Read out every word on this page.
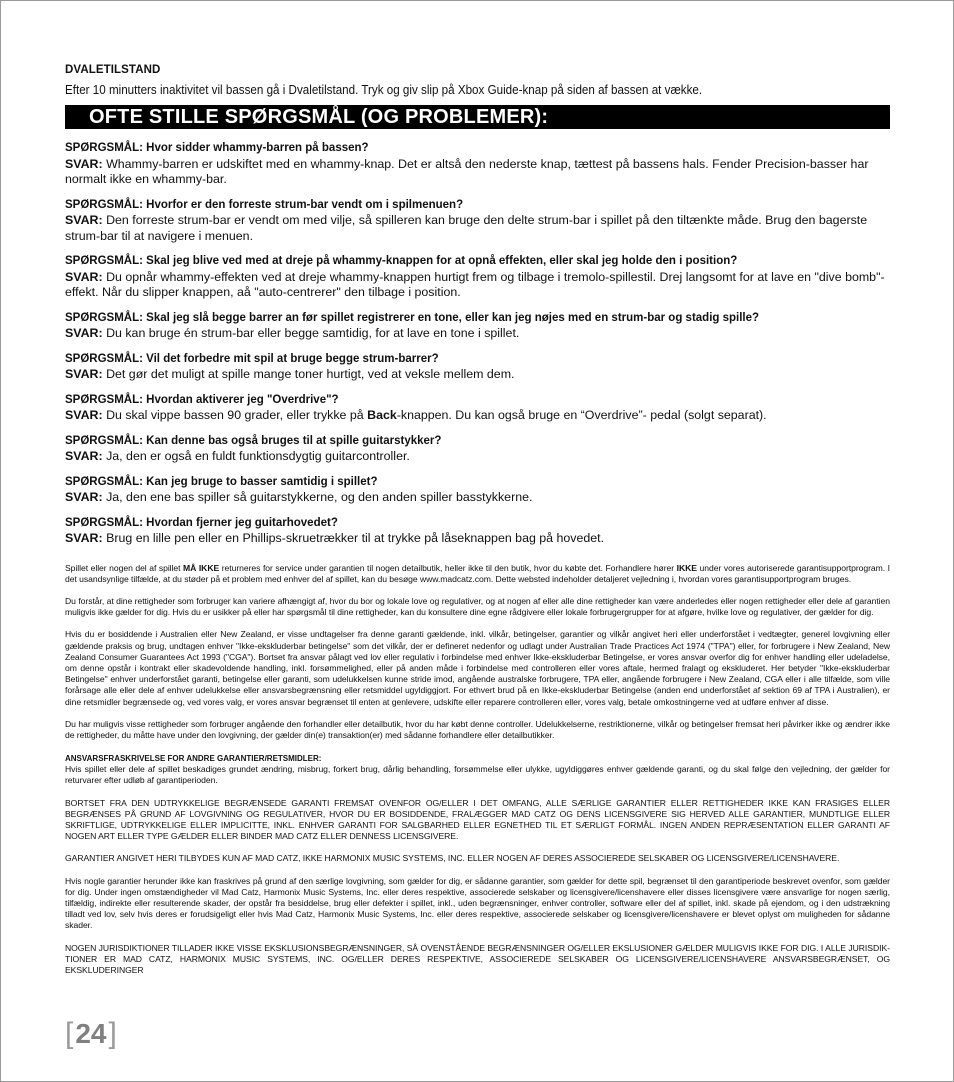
DVALETILSTAND
Efter 10 minutters inaktivitet vil bassen gå i Dvaletilstand. Tryk og giv slip på Xbox Guide-knap på siden af bassen at vække.
OFTE STILLE SPØRGSMÅL (OG PROBLEMER):
SPØRGSMÅL: Hvor sidder whammy-barren på bassen?
SVAR: Whammy-barren er udskiftet med en whammy-knap. Det er altså den nederste knap, tættest på bassens hals. Fender Precision-basser har normalt ikke en whammy-bar.
SPØRGSMÅL: Hvorfor er den forreste strum-bar vendt om i spilmenuen?
SVAR: Den forreste strum-bar er vendt om med vilje, så spilleren kan bruge den delte strum-bar i spillet på den tiltænkte måde. Brug den bagerste strum-bar til at navigere i menuen.
SPØRGSMÅL: Skal jeg blive ved med at dreje på whammy-knappen for at opnå effekten, eller skal jeg holde den i position?
SVAR: Du opnår whammy-effekten ved at dreje whammy-knappen hurtigt frem og tilbage i tremolo-spillestil. Drej langsomt for at lave en "dive bomb"-effekt. Når du slipper knappen, aå "auto-centrerer" den tilbage i position.
SPØRGSMÅL: Skal jeg slå begge barrer an før spillet registrerer en tone, eller kan jeg nøjes med en strum-bar og stadig spille?
SVAR: Du kan bruge én strum-bar eller begge samtidig, for at lave en tone i spillet.
SPØRGSMÅL: Vil det forbedre mit spil at bruge begge strum-barrer?
SVAR: Det gør det muligt at spille mange toner hurtigt, ved at veksle mellem dem.
SPØRGSMÅL: Hvordan aktiverer jeg "Overdrive"?
SVAR: Du skal vippe bassen 90 grader, eller trykke på Back-knappen. Du kan også bruge en “Overdrive”- pedal (solgt separat).
SPØRGSMÅL: Kan denne bas også bruges til at spille guitarstykker?
SVAR: Ja, den er også en fuldt funktionsdygtig guitarcontroller.
SPØRGSMÅL: Kan jeg bruge to basser samtidig i spillet?
SVAR: Ja, den ene bas spiller så guitarstykkerne, og den anden spiller basstykkerne.
SPØRGSMÅL: Hvordan fjerner jeg guitarhovedet?
SVAR: Brug en lille pen eller en Phillips-skruetrækker til at trykke på låseknappen bag på hovedet.
Spillet eller nogen del af spillet MÅ IKKE returneres for service under garantien til nogen detailbutik, heller ikke til den butik, hvor du købte det. Forhandlere hører IKKE under vores autoriserede garantisupportprogram. I det usandsynlige tilfælde, at du støder på et problem med enhver del af spillet, kan du besøge www.madcatz.com. Dette websted indeholder detaljeret vejledning i, hvordan vores garantisupportprogram bruges.
Du forstår, at dine rettigheder som forbruger kan variere afhængigt af, hvor du bor og lokale love og regulativer, og at nogen af eller alle dine rettigheder kan være anderledes eller nogen rettigheder eller dele af garantien muligvis ikke gælder for dig. Hvis du er usikker på eller har spørgsmål til dine rettigheder, kan du konsultere dine egne rådgivere eller lokale forbrugergrupper for at afgøre, hvilke love og regulativer, der gælder for dig.
Hvis du er bosiddende i Australien eller New Zealand, er visse undtagelser fra denne garanti gældende, inkl. vilkår, betingelser, garantier og vilkår angivet heri eller underforstået i vedtægter, generel lovgivning eller gældende praksis og brug, undtagen enhver "Ikke-ekskluderbar betingelse" som det vilkår, der er defineret nedenfor og udlagt under Australian Trade Practices Act 1974 ("TPA") eller, for forbrugere i New Zealand, New Zealand Consumer Guarantees Act 1993 ("CGA"). Bortset fra ansvar pålagt ved lov eller regulativ i forbindelse med enhver Ikke-ekskluderbar Betingelse, er vores ansvar overfor dig for enhver handling eller udeladelse, om denne opstår i kontrakt eller skadevoldende handling, inkl. forsømmelighed, eller på anden måde i forbindelse med controlleren eller vores aftale, hermed fralagt og ekskluderet. Her betyder "Ikke-ekskluderbar Betingelse" enhver underforstået garanti, betingelse eller garanti, som udelukkelsen kunne stride imod, angående australske forbrugere, TPA eller, angående forbrugere i New Zealand, CGA eller i alle tilfælde, som ville forårsage alle eller dele af enhver udelukkelse eller ansvarsbegrænsning eller retsmiddel ugyldiggjort. For ethvert brud på en Ikke-ekskluderbar Betingelse (anden end underforstået af sektion 69 af TPA i Australien), er dine retsmidler begrænsede og, ved vores valg, er vores ansvar begrænset til enten at genlevere, udskifte eller reparere controlleren eller, vores valg, betale omkostningerne ved at udføre enhver af disse.
Du har muligvis visse rettigheder som forbruger angående den forhandler eller detailbutik, hvor du har købt denne controller. Udelukkelserne, restriktionerne, vilkår og betingelser fremsat heri påvirker ikke og ændrer ikke de rettigheder, du måtte have under den lovgivning, der gælder din(e) transaktion(er) med sådanne forhandlere eller detailbutikker.
ANSVARSFRASKRIVELSE FOR ANDRE GARANTIER/RETSMIDLER:
Hvis spillet eller dele af spillet beskadiges grundet ændring, misbrug, forkert brug, dårlig behandling, forsømmelse eller ulykke, ugyldiggøres enhver gældende garanti, og du skal følge den vejledning, der gælder for returvarer efter udløb af garantiperioden.
BORTSET FRA DEN UDTRYKKELIGE BEGRÆNSEDE GARANTI FREMSAT OVENFOR OG/ELLER I DET OMFANG, ALLE SÆRLIGE GARANTIER ELLER RETTIGHEDER IKKE KAN FRASIGES ELLER BEGRÆNSES PÅ GRUND AF LOVGIVNING OG REGULATIVER, HVOR DU ER BOSIDDENDE, FRALÆGGER MAD CATZ OG DENS LICENSGIVERE SIG HERVED ALLE GARANTIER, MUNDTLIGE ELLER SKRIFTLIGE, UDTRYKKELIGE ELLER IMPLICITTE, INKL. ENHVER GARANTI FOR SALGBARHED ELLER EGNETHED TIL ET SÆRLIGT FORMÅL. INGEN ANDEN REPRÆSENTATION ELLER GARANTI AF NOGEN ART ELLER TYPE GÆLDER ELLER BINDER MAD CATZ ELLER DENNESS LICENSGIVERE.
GARANTIER ANGIVET HERI TILBYDES KUN AF MAD CATZ, IKKE HARMONIX MUSIC SYSTEMS, INC. ELLER NOGEN AF DERES ASSOCIEREDE SELSKABER OG LICENSGIVERE/LICENSHAVERE.
Hvis nogle garantier herunder ikke kan fraskrives på grund af den særlige lovgivning, som gælder for dig, er sådanne garantier, som gælder for dette spil, begrænset til den garantiperiode beskrevet ovenfor, som gælder for dig. Under ingen omstændigheder vil Mad Catz, Harmonix Music Systems, Inc. eller deres respektive, associerede selskaber og licensgivere/licenshavere eller disses licensgivere være ansvarlige for nogen særlig, tilfældig, indirekte eller resulterende skader, der opstår fra besiddelse, brug eller defekter i spillet, inkl., uden begrænsninger, enhver controller, software eller del af spillet, inkl. skade på ejendom, og i den udstrækning tilladt ved lov, selv hvis deres er forudsigeligt eller hvis Mad Catz, Harmonix Music Systems, Inc. eller deres respektive, associerede selskaber og licensgivere/licenshavere er blevet oplyst om muligheden for sådanne skader.
NOGEN JURISDIKTIONER TILLADER IKKE VISSE EKSKLUSIONSBEGRÆNSNINGER, SÅ OVENSTÅENDE BEGRÆNSNINGER OG/ELLER EKSLUSIONER GÆLDER MULIGVIS IKKE FOR DIG. I ALLE JURISDIKTIONER ER MAD CATZ, HARMONIX MUSIC SYSTEMS, INC. OG/ELLER DERES RESPEKTIVE, ASSOCIEREDE SELSKABER OG LICENSGIVERE/LICENSHAVERE ANSVARSBEGRÆNSET, OG EKSKLUDERINGER
[ 24 ]
